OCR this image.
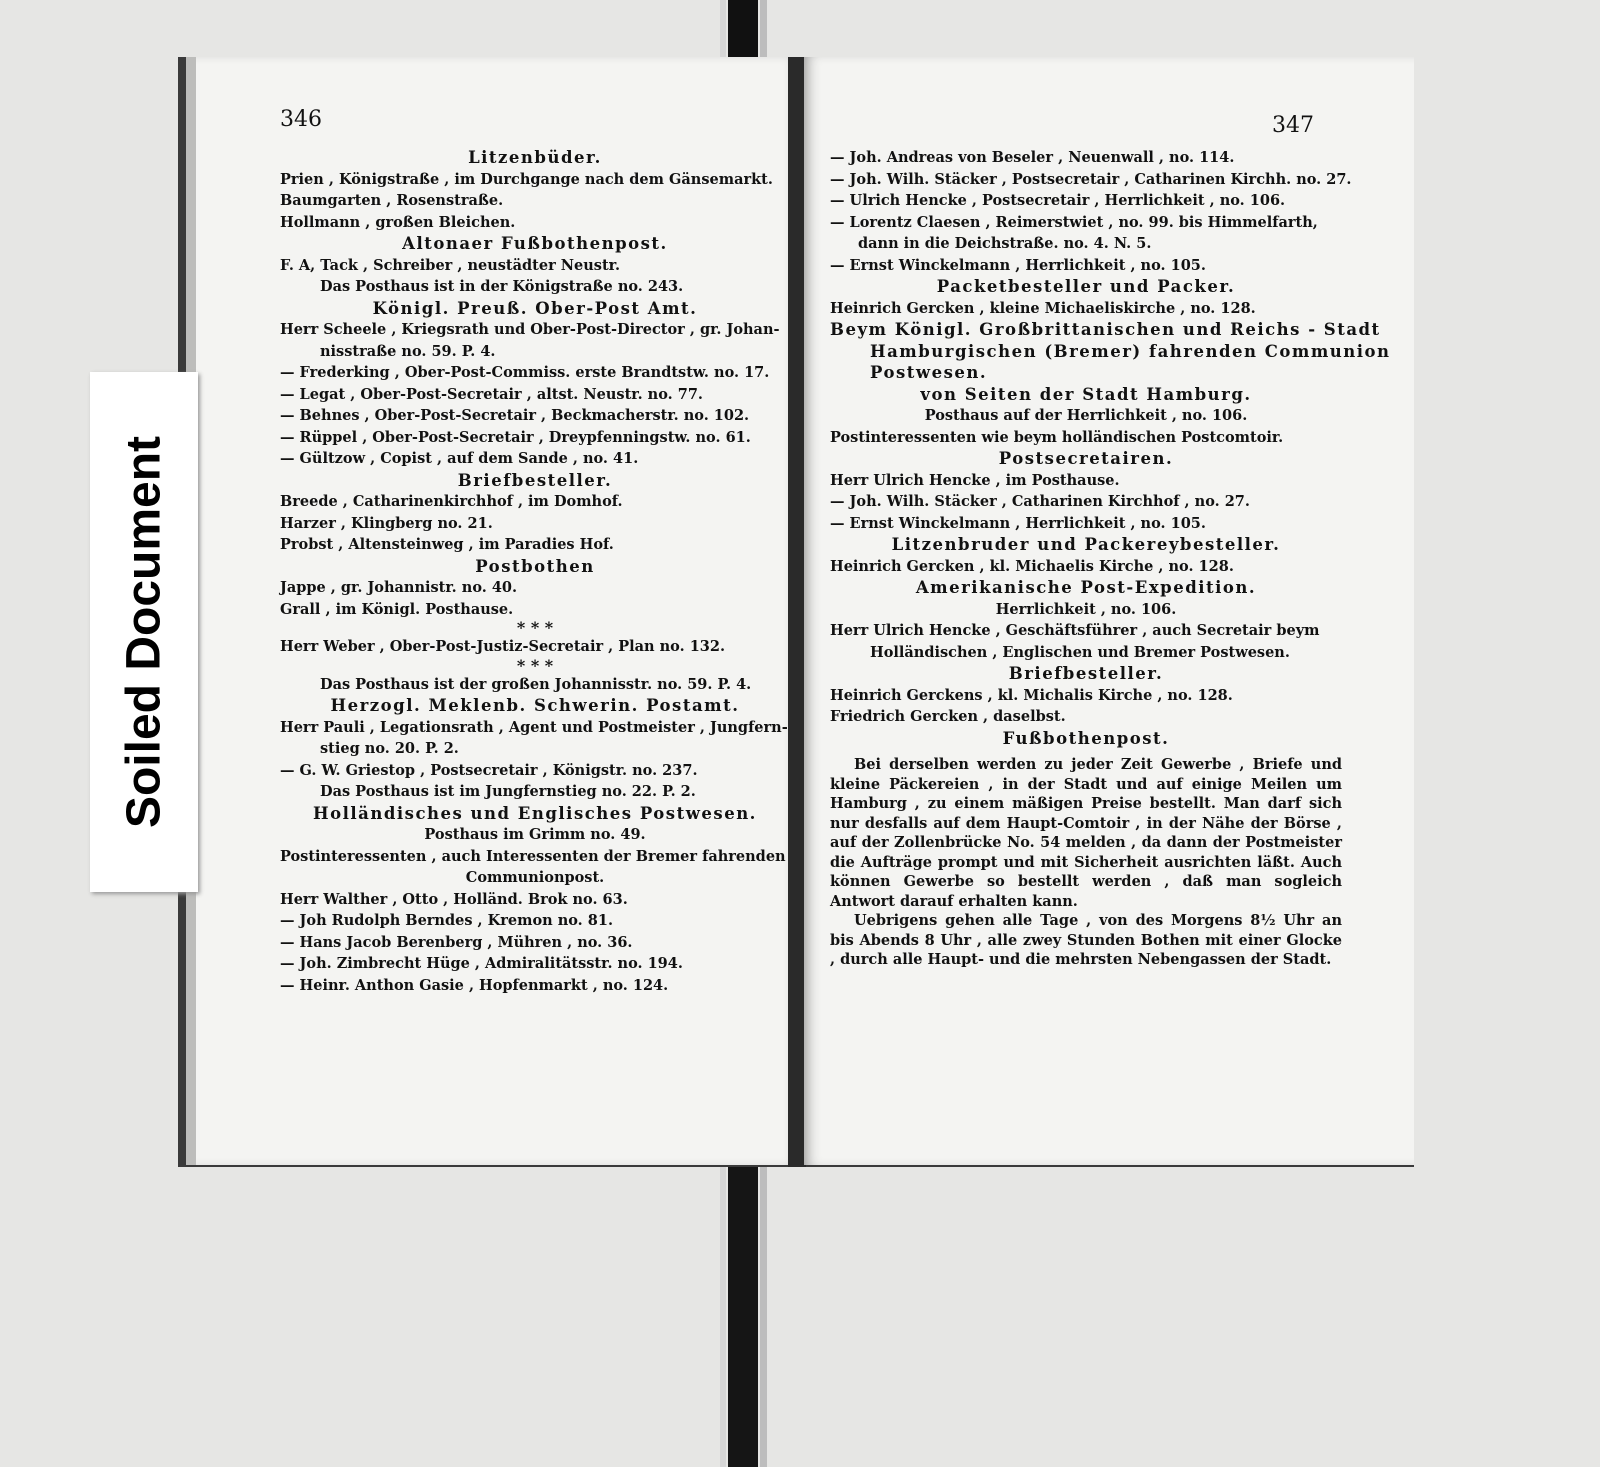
346
Litzenbüder.
Prien , Königstraße , im Durchgange nach dem Gänsemarkt.
Baumgarten , Rosenstraße.
Hollmann , großen Bleichen.
Altonaer Fußbothenpost.
F. A, Tack , Schreiber , neustädter Neustr.
Das Posthaus ist in der Königstraße no. 243.
Königl. Preuß. Ober-Post Amt.
Herr Scheele , Kriegsrath und Ober-Post-Director , gr. Johan-
nisstraße no. 59. P. 4.
— Frederking , Ober-Post-Commiss. erste Brandtstw. no. 17.
— Legat , Ober-Post-Secretair , altst. Neustr. no. 77.
— Behnes , Ober-Post-Secretair , Beckmacherstr. no. 102.
— Rüppel , Ober-Post-Secretair , Dreypfenningstw. no. 61.
— Gültzow , Copist , auf dem Sande , no. 41.
Briefbesteller.
Breede , Catharinenkirchhof , im Domhof.
Harzer , Klingberg no. 21.
Probst , Altensteinweg , im Paradies Hof.
Postbothen
Jappe , gr. Johannistr. no. 40.
Grall , im Königl. Posthause.
* * *
Herr Weber , Ober-Post-Justiz-Secretair , Plan no. 132.
* * *
Das Posthaus ist der großen Johannisstr. no. 59. P. 4.
Herzogl. Meklenb. Schwerin. Postamt.
Herr Pauli , Legationsrath , Agent und Postmeister , Jungfern-
stieg no. 20. P. 2.
— G. W. Griestop , Postsecretair , Königstr. no. 237.
Das Posthaus ist im Jungfernstieg no. 22. P. 2.
Holländisches und Englisches Postwesen.
Posthaus im Grimm no. 49.
Postinteressenten , auch Interessenten der Bremer fahrenden
Communionpost.
Herr Walther , Otto , Holländ. Brok no. 63.
— Joh Rudolph Berndes , Kremon no. 81.
— Hans Jacob Berenberg , Mühren , no. 36.
— Joh. Zimbrecht Hüge , Admiralitätsstr. no. 194.
— Heinr. Anthon Gasie , Hopfenmarkt , no. 124.
347
— Joh. Andreas von Beseler , Neuenwall , no. 114.
— Joh. Wilh. Stäcker , Postsecretair , Catharinen Kirchh. no. 27.
— Ulrich Hencke , Postsecretair , Herrlichkeit , no. 106.
— Lorentz Claesen , Reimerstwiet , no. 99. bis Himmelfarth,
dann in die Deichstraße. no. 4. N. 5.
— Ernst Winckelmann , Herrlichkeit , no. 105.
Packetbesteller und Packer.
Heinrich Gercken , kleine Michaeliskirche , no. 128.
Beym Königl. Großbrittanischen und Reichs - Stadt
Hamburgischen (Bremer) fahrenden Communion
Postwesen.
von Seiten der Stadt Hamburg.
Posthaus auf der Herrlichkeit , no. 106.
Postinteressenten wie beym holländischen Postcomtoir.
Postsecretairen.
Herr Ulrich Hencke , im Posthause.
— Joh. Wilh. Stäcker , Catharinen Kirchhof , no. 27.
— Ernst Winckelmann , Herrlichkeit , no. 105.
Litzenbruder und Packereybesteller.
Heinrich Gercken , kl. Michaelis Kirche , no. 128.
Amerikanische Post-Expedition.
Herrlichkeit , no. 106.
Herr Ulrich Hencke , Geschäftsführer , auch Secretair beym
Holländischen , Englischen und Bremer Postwesen.
Briefbesteller.
Heinrich Gerckens , kl. Michalis Kirche , no. 128.
Friedrich Gercken , daselbst.
Fußbothenpost.
Bei derselben werden zu jeder Zeit Gewerbe , Briefe und kleine Päckereien , in der Stadt und auf einige Meilen um Hamburg , zu einem mäßigen Preise bestellt. Man darf sich nur desfalls auf dem Haupt-Comtoir , in der Nähe der Börse , auf der Zollenbrücke No. 54 melden , da dann der Postmeister die Aufträge prompt und mit Sicherheit ausrichten läßt. Auch können Gewerbe so bestellt werden , daß man sogleich Antwort darauf erhalten kann.
Uebrigens gehen alle Tage , von des Morgens 8½ Uhr an bis Abends 8 Uhr , alle zwey Stunden Bothen mit einer Glocke , durch alle Haupt- und die mehrsten Nebengassen der Stadt.
Soiled Document
